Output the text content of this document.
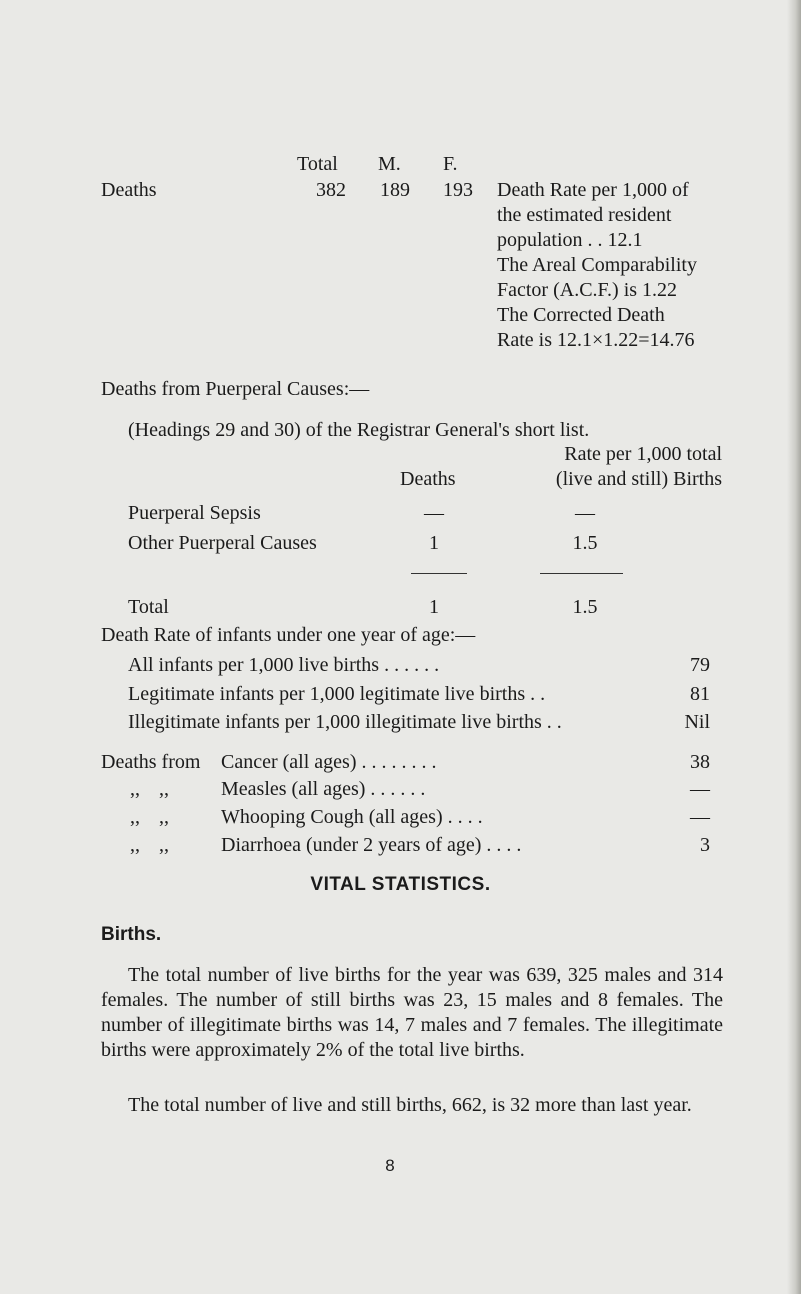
Total M. F.
Deaths	382 189 193 Death Rate per 1,000 of
the estimated resident
population . . 12.1
The Areal Comparability
Factor (A.C.F.) is 1.22
The Corrected Death
Rate is 12.1×1.22=14.76
Deaths from Puerperal Causes:—
(Headings 29 and 30) of the Registrar General's short list.
Rate per 1,000 total
Deaths	(live and still) Births
Puerperal Sepsis	—	—
Other Puerperal Causes	1	1.5
Total	1	1.5
Death Rate of infants under one year of age:—
All infants per 1,000 live births . . . . . .	79
Legitimate infants per 1,000 legitimate live births . .	81
Illegitimate infants per 1,000 illegitimate live births . .	Nil
Deaths from Cancer (all ages) . . . . . . . .	38
,, ,,	Measles (all ages) . . . . . .	—
,, ,,	Whooping Cough (all ages) . . . .	—
,, ,,	Diarrhoea (under 2 years of age) . . . .	3
VITAL STATISTICS.
Births.
The total number of live births for the year was 639, 325 males and 314 females. The number of still births was 23, 15 males and 8 females. The number of illegitimate births was 14, 7 males and 7 females. The illegitimate births were approximately 2% of the total live births.
The total number of live and still births, 662, is 32 more than last year.
8
